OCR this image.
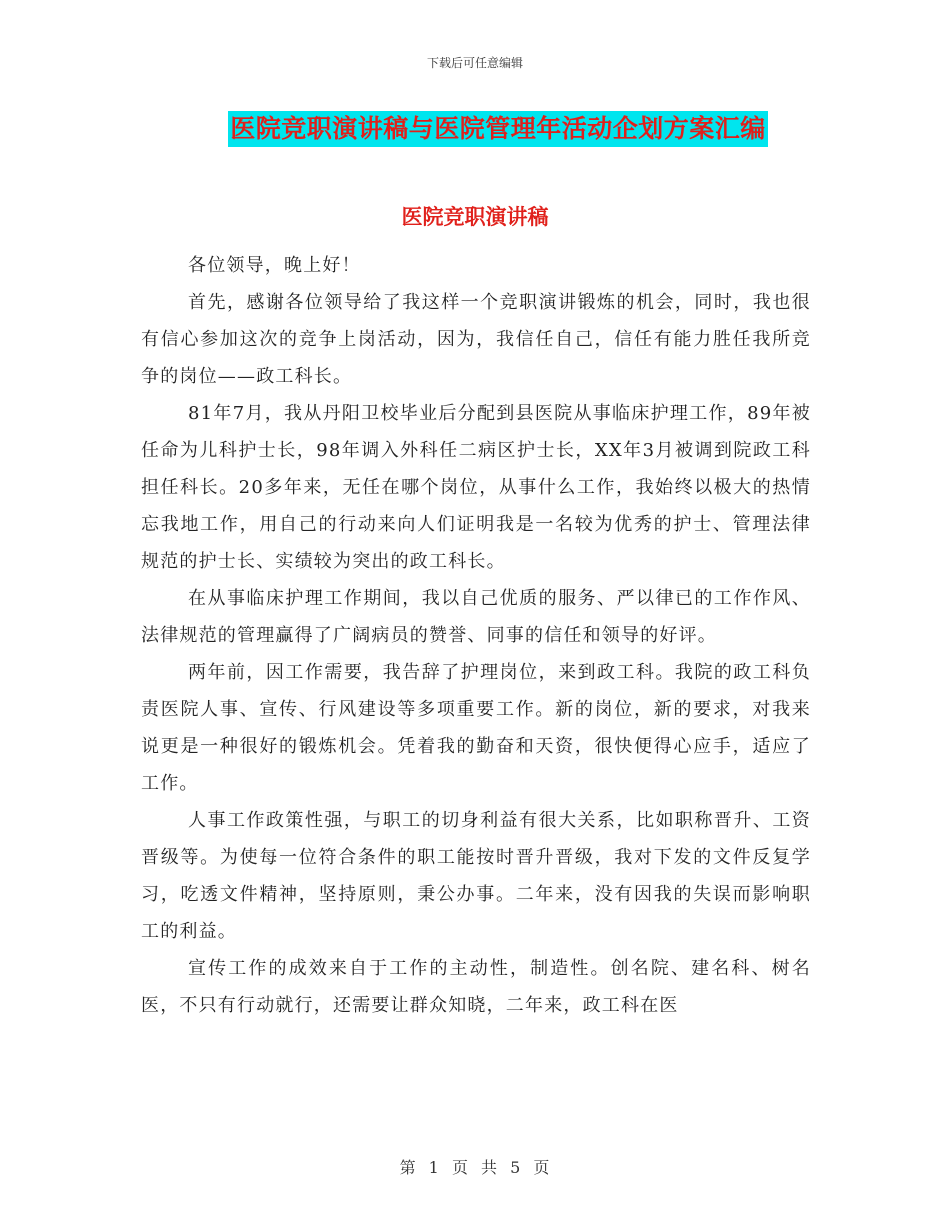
下载后可任意编辑
医院竞职演讲稿与医院管理年活动企划方案汇编
医院竞职演讲稿

各位领导，晚上好！

首先，感谢各位领导给了我这样一个竞职演讲锻炼的机会，同时，我也很有信心参加这次的竞争上岗活动，因为，我信任自己，信任有能力胜任我所竞争的岗位——政工科长。

81年7月，我从丹阳卫校毕业后分配到县医院从事临床护理工作，89年被任命为儿科护士长，98年调入外科任二病区护士长，XX年3月被调到院政工科担任科长。20多年来，无任在哪个岗位，从事什么工作，我始终以极大的热情忘我地工作，用自己的行动来向人们证明我是一名较为优秀的护士、管理法律规范的护士长、实绩较为突出的政工科长。

在从事临床护理工作期间，我以自己优质的服务、严以律已的工作作风、法律规范的管理赢得了广阔病员的赞誉、同事的信任和领导的好评。

两年前，因工作需要，我告辞了护理岗位，来到政工科。我院的政工科负责医院人事、宣传、行风建设等多项重要工作。新的岗位，新的要求，对我来说更是一种很好的锻炼机会。凭着我的勤奋和天资，很快便得心应手，适应了工作。

人事工作政策性强，与职工的切身利益有很大关系，比如职称晋升、工资晋级等。为使每一位符合条件的职工能按时晋升晋级，我对下发的文件反复学习，吃透文件精神，坚持原则，秉公办事。二年来，没有因我的失误而影响职工的利益。

宣传工作的成效来自于工作的主动性，制造性。创名院、建名科、树名医，不只有行动就行，还需要让群众知晓，二年来，政工科在医

第 1 页 共 5 页
